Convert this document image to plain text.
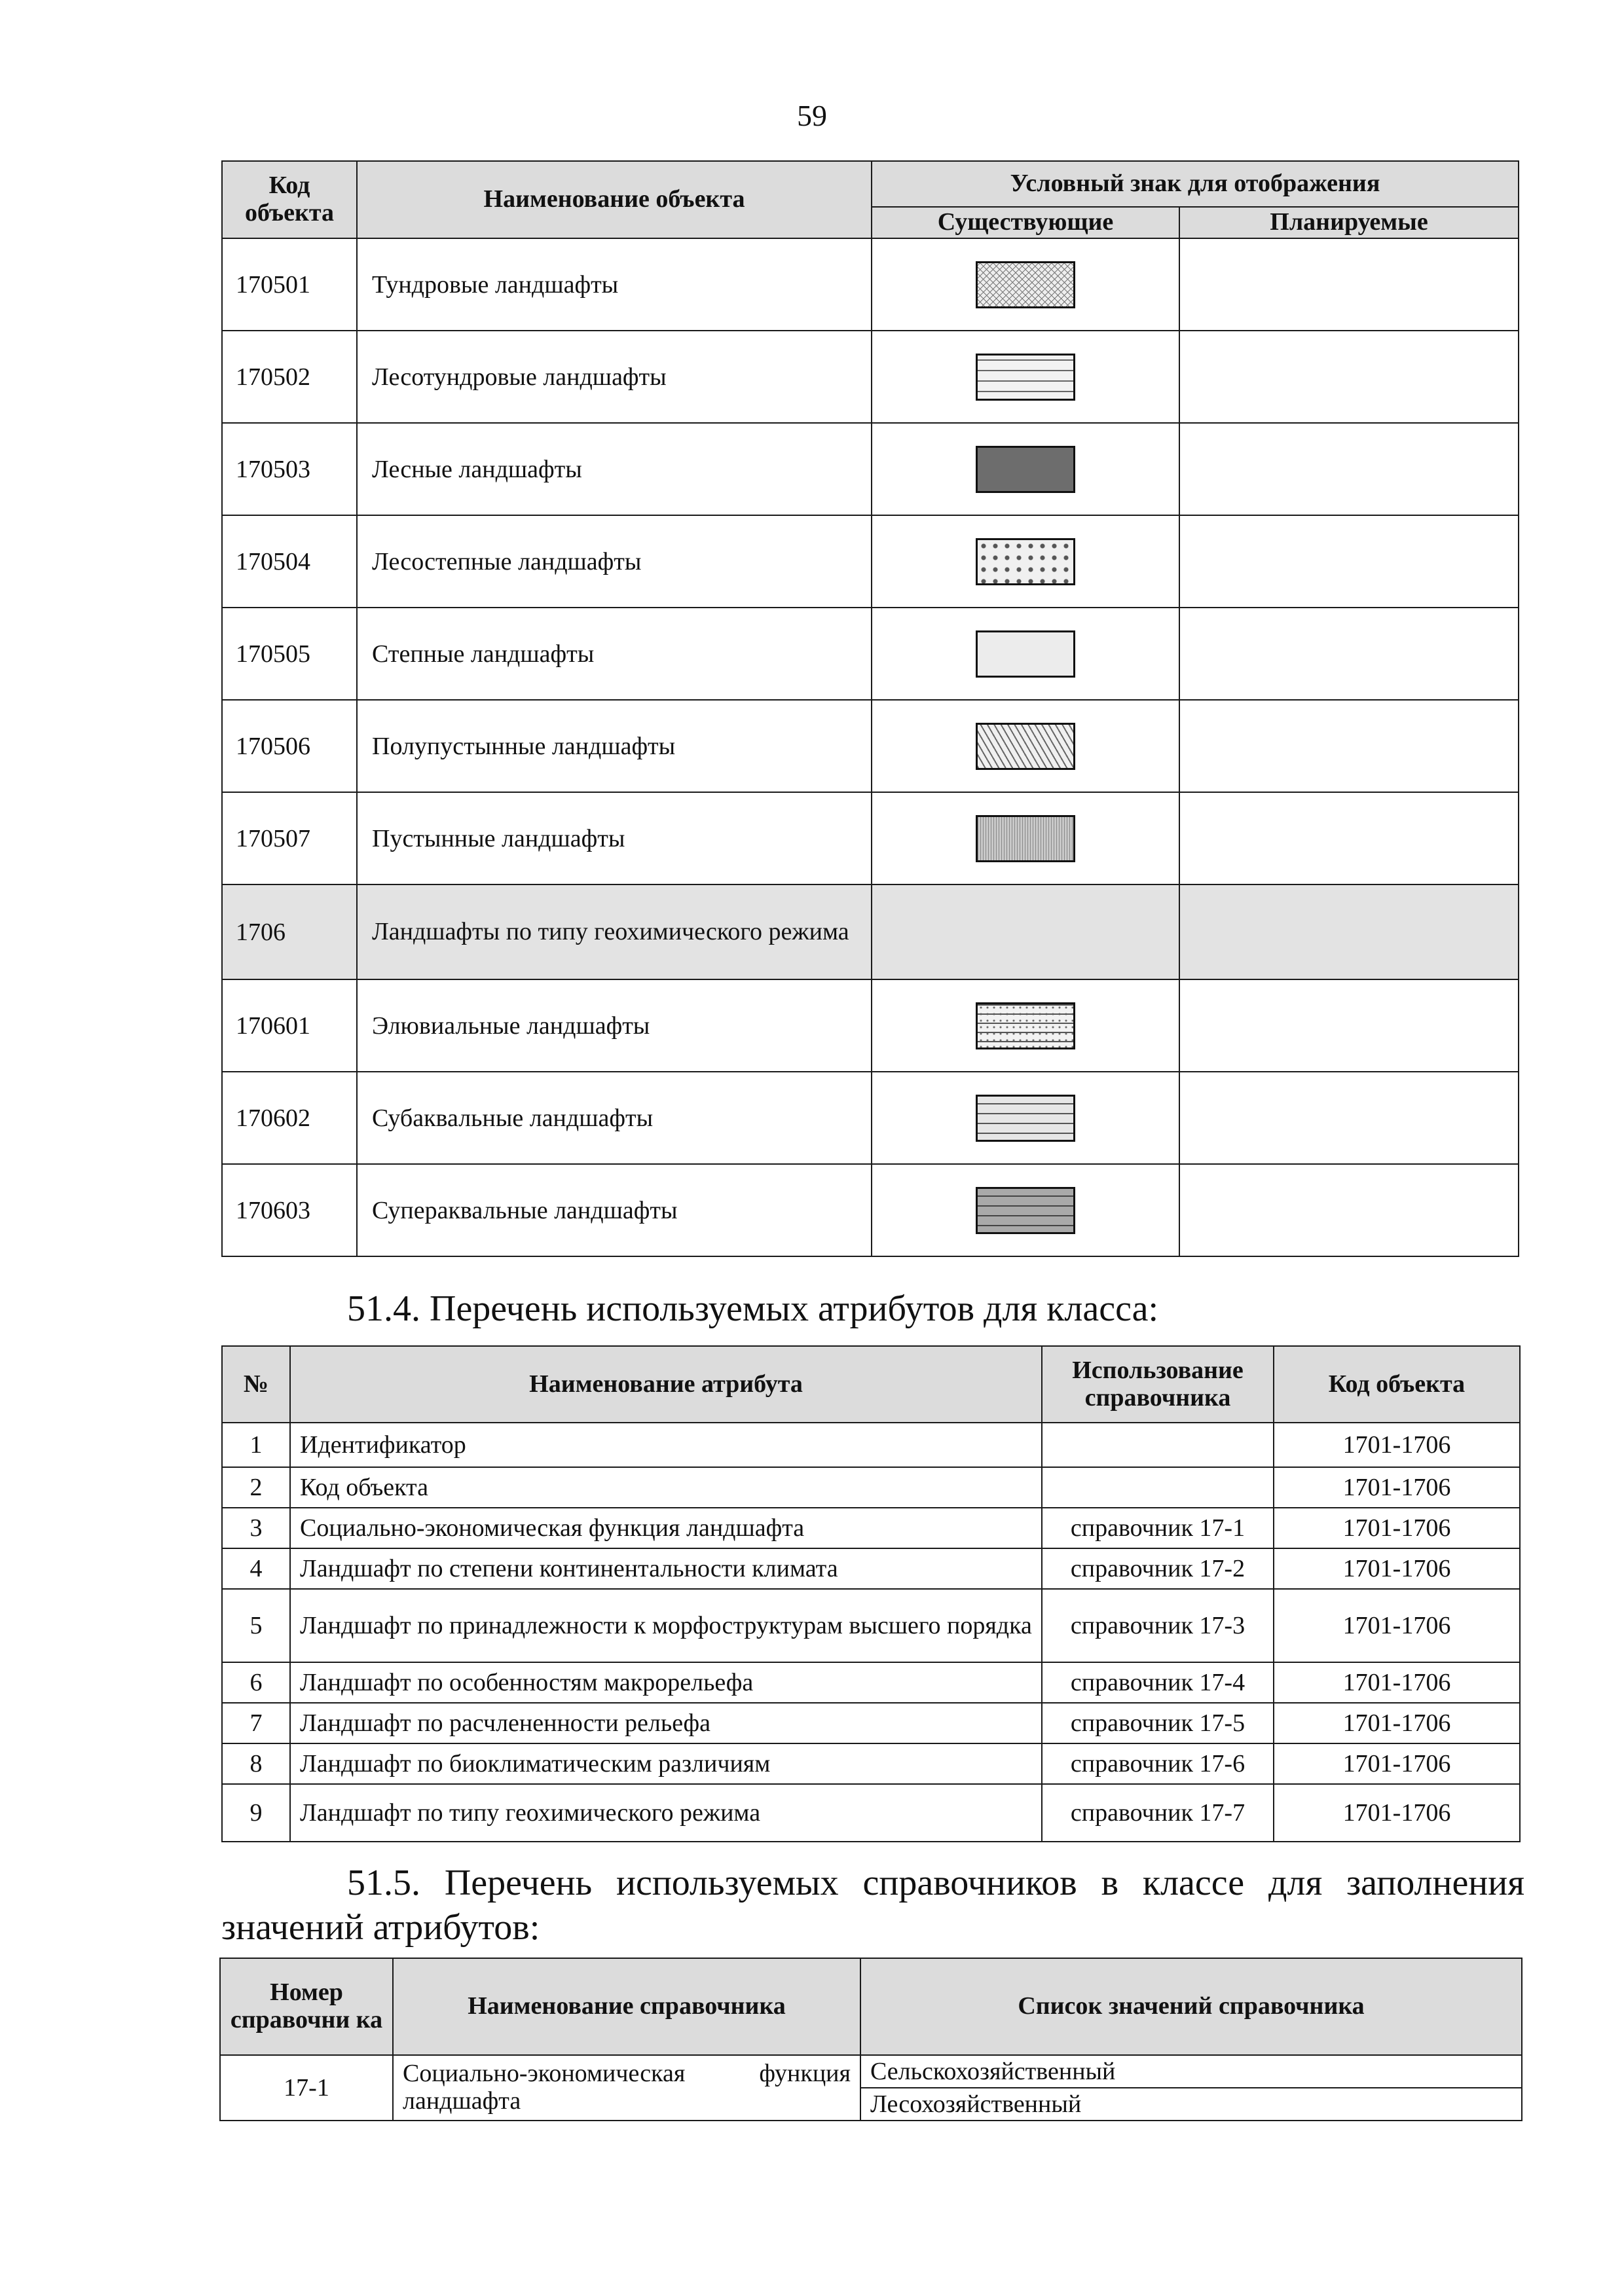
59
Код объекта	Наименование объекта	Условный знак для отображения	
		Существующие	Планируемые
170501	Тундровые ландшафты		
170502	Лесотундровые ландшафты		
170503	Лесные ландшафты		
170504	Лесостепные ландшафты		
170505	Степные ландшафты		
170506	Полупустынные ландшафты		
170507	Пустынные ландшафты		
1706	Ландшафты по типу геохимического режима		
170601	Элювиальные ландшафты		
170602	Субаквальные ландшафты		
170603	Супераквальные ландшафты		
51.4. Перечень используемых атрибутов для класса:
№	Наименование атрибута	Использование справочника	Код объекта
1	Идентификатор		1701-1706
2	Код объекта		1701-1706
3	Социально-экономическая функция ландшафта	справочник 17-1	1701-1706
4	Ландшафт по степени континентальности климата	справочник 17-2	1701-1706
5	Ландшафт по принадлежности к морфоструктурам высшего порядка	справочник 17-3	1701-1706
6	Ландшафт по особенностям макрорельефа	справочник 17-4	1701-1706
7	Ландшафт по расчлененности рельефа	справочник 17-5	1701-1706
8	Ландшафт по биоклиматическим различиям	справочник 17-6	1701-1706
9	Ландшафт по типу геохимического режима	справочник 17-7	1701-1706
51.5. Перечень используемых справочников в классе для заполнения значений атрибутов:
Номер справочни ка	Наименование справочника	Список значений справочника
17-1	Социально-экономическая функция ландшафта	Сельскохозяйственный
		Лесохозяйственный
